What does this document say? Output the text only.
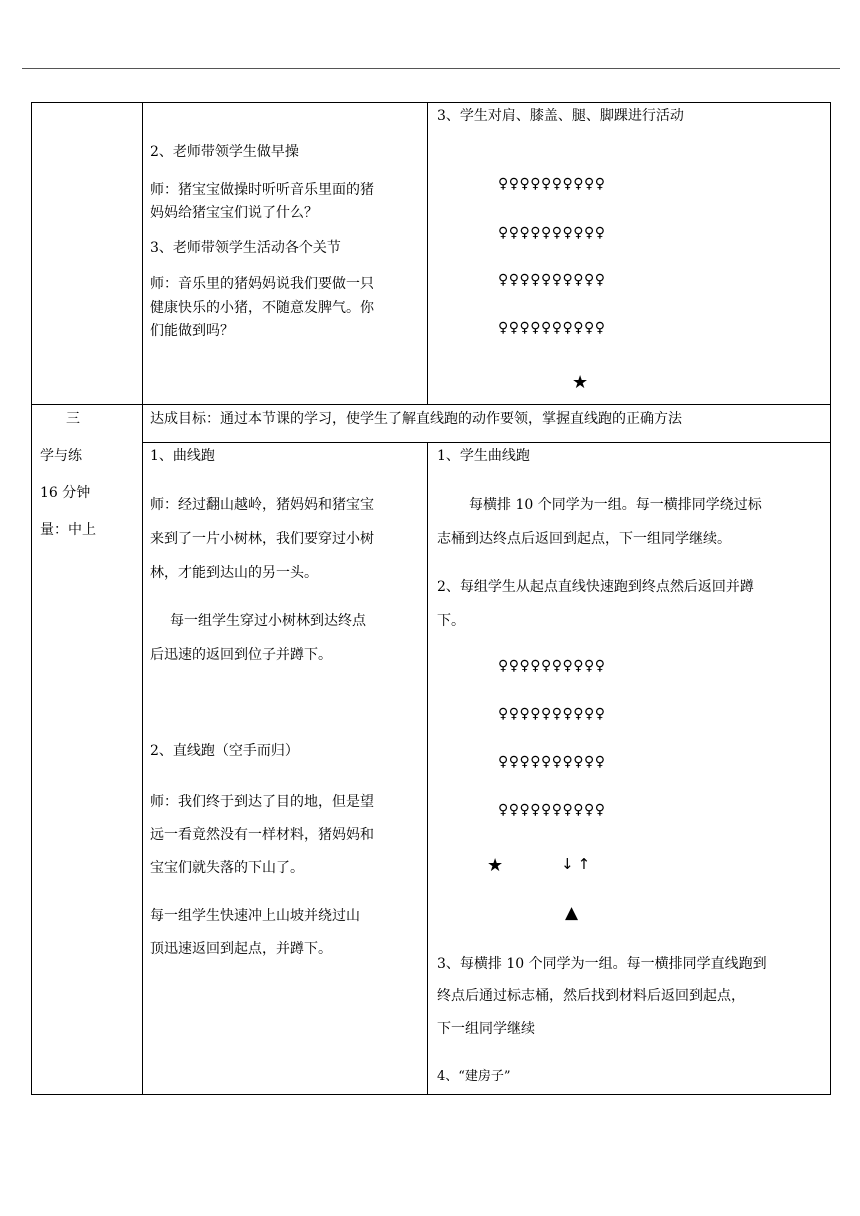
2、老师带领学生做早操
师：猪宝宝做操时听听音乐里面的猪
妈妈给猪宝宝们说了什么？
3、老师带领学生活动各个关节
师：音乐里的猪妈妈说我们要做一只
健康快乐的小猪，不随意发脾气。你
们能做到吗？
3、学生对肩、膝盖、腿、脚踝进行活动
♀♀♀♀♀♀♀♀♀♀
♀♀♀♀♀♀♀♀♀♀
♀♀♀♀♀♀♀♀♀♀
♀♀♀♀♀♀♀♀♀♀
★
三
学与练
16 分钟
量：中上
达成目标：通过本节课的学习，使学生了解直线跑的动作要领，掌握直线跑的正确方法
1、曲线跑
师：经过翻山越岭，猪妈妈和猪宝宝
来到了一片小树林，我们要穿过小树
林，才能到达山的另一头。
每一组学生穿过小树林到达终点
后迅速的返回到位子并蹲下。
2、直线跑（空手而归）
师：我们终于到达了目的地，但是望
远一看竟然没有一样材料，猪妈妈和
宝宝们就失落的下山了。
每一组学生快速冲上山坡并绕过山
顶迅速返回到起点，并蹲下。
1、学生曲线跑
每横排 10 个同学为一组。每一横排同学绕过标
志桶到达终点后返回到起点，下一组同学继续。
2、每组学生从起点直线快速跑到终点然后返回并蹲
下。
♀♀♀♀♀♀♀♀♀♀
♀♀♀♀♀♀♀♀♀♀
♀♀♀♀♀♀♀♀♀♀
♀♀♀♀♀♀♀♀♀♀
★	↓↑
▲
3、每横排 10 个同学为一组。每一横排同学直线跑到
终点后通过标志桶，然后找到材料后返回到起点，
下一组同学继续
4、“建房子”
